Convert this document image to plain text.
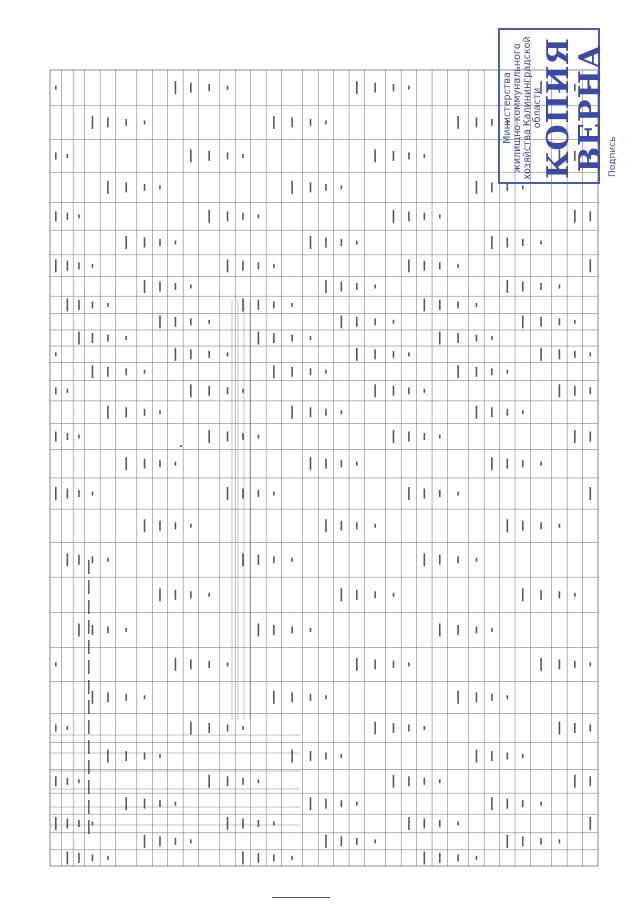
Министерства жилищно-коммунального хозяйства Калининградской области
КОПИЯ ВЕРНА Подпись
